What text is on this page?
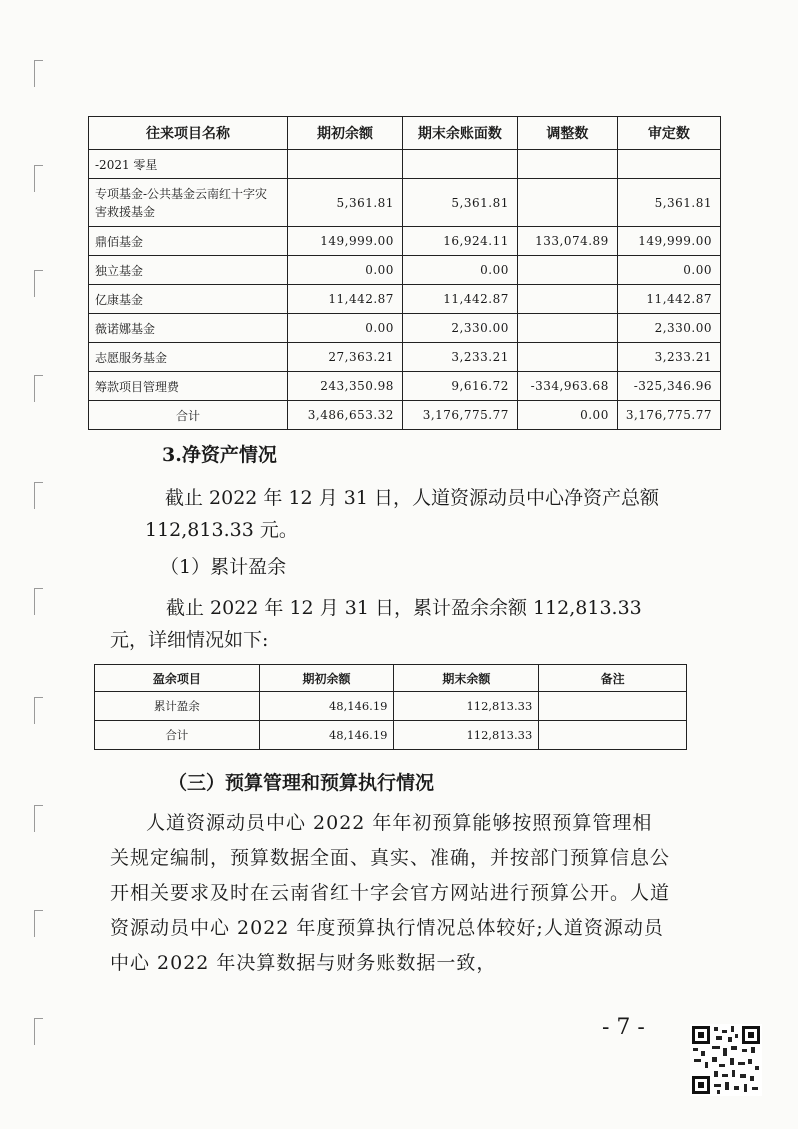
往来项目名称	期初余额	期末余账面数	调整数	审定数
-2021 零星				
专项基金-公共基金云南红十字灾害救援基金	5,361.81	5,361.81		5,361.81
鼎佰基金	149,999.00	16,924.11	133,074.89	149,999.00
独立基金	0.00	0.00		0.00
亿康基金	11,442.87	11,442.87		11,442.87
薇诺娜基金	0.00	2,330.00		2,330.00
志愿服务基金	27,363.21	3,233.21		3,233.21
筹款项目管理费	243,350.98	9,616.72	-334,963.68	-325,346.96
合计	3,486,653.32	3,176,775.77	0.00	3,176,775.77
3.净资产情况
截止 2022 年 12 月 31 日，人道资源动员中心净资产总额 112,813.33 元。
（1）累计盈余
截止 2022 年 12 月 31 日，累计盈余余额 112,813.33 元，详细情况如下:
盈余项目	期初余额	期末余额	备注
累计盈余	48,146.19	112,813.33	
合计	48,146.19	112,813.33	
（三）预算管理和预算执行情况
人道资源动员中心 2022 年年初预算能够按照预算管理相关规定编制，预算数据全面、真实、准确，并按部门预算信息公开相关要求及时在云南省红十字会官方网站进行预算公开。人道资源动员中心 2022 年度预算执行情况总体较好;人道资源动员中心 2022 年决算数据与财务账数据一致，
- 7 -
